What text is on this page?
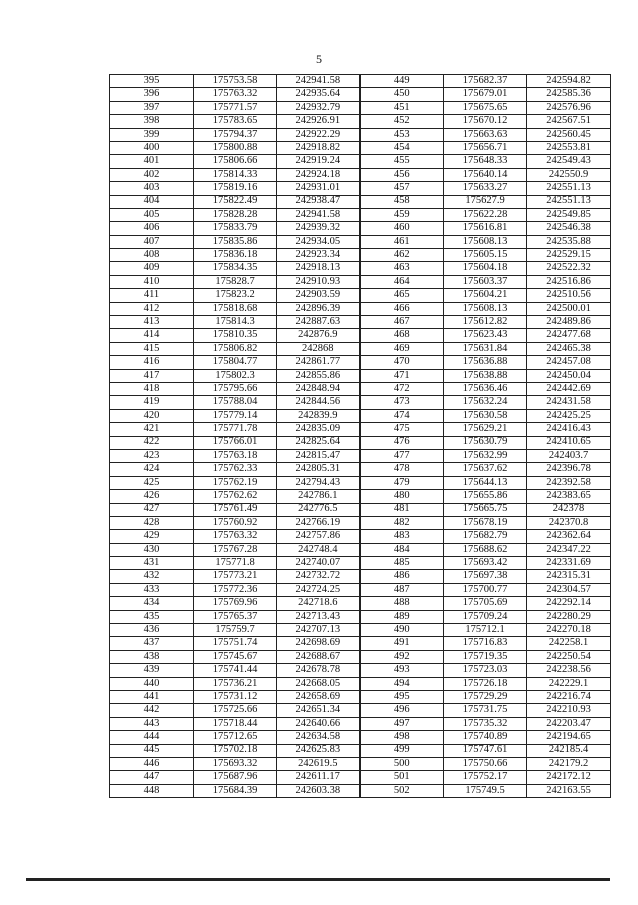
5
395	175753.58	242941.58	449	175682.37	242594.82
396	175763.32	242935.64	450	175679.01	242585.36
397	175771.57	242932.79	451	175675.65	242576.96
398	175783.65	242926.91	452	175670.12	242567.51
399	175794.37	242922.29	453	175663.63	242560.45
400	175800.88	242918.82	454	175656.71	242553.81
401	175806.66	242919.24	455	175648.33	242549.43
402	175814.33	242924.18	456	175640.14	242550.9
403	175819.16	242931.01	457	175633.27	242551.13
404	175822.49	242938.47	458	175627.9	242551.13
405	175828.28	242941.58	459	175622.28	242549.85
406	175833.79	242939.32	460	175616.81	242546.38
407	175835.86	242934.05	461	175608.13	242535.88
408	175836.18	242923.34	462	175605.15	242529.15
409	175834.35	242918.13	463	175604.18	242522.32
410	175828.7	242910.93	464	175603.37	242516.86
411	175823.2	242903.59	465	175604.21	242510.56
412	175818.68	242896.39	466	175608.13	242500.01
413	175814.3	242887.63	467	175612.82	242489.86
414	175810.35	242876.9	468	175623.43	242477.68
415	175806.82	242868	469	175631.84	242465.38
416	175804.77	242861.77	470	175636.88	242457.08
417	175802.3	242855.86	471	175638.88	242450.04
418	175795.66	242848.94	472	175636.46	242442.69
419	175788.04	242844.56	473	175632.24	242431.58
420	175779.14	242839.9	474	175630.58	242425.25
421	175771.78	242835.09	475	175629.21	242416.43
422	175766.01	242825.64	476	175630.79	242410.65
423	175763.18	242815.47	477	175632.99	242403.7
424	175762.33	242805.31	478	175637.62	242396.78
425	175762.19	242794.43	479	175644.13	242392.58
426	175762.62	242786.1	480	175655.86	242383.65
427	175761.49	242776.5	481	175665.75	242378
428	175760.92	242766.19	482	175678.19	242370.8
429	175763.32	242757.86	483	175682.79	242362.64
430	175767.28	242748.4	484	175688.62	242347.22
431	175771.8	242740.07	485	175693.42	242331.69
432	175773.21	242732.72	486	175697.38	242315.31
433	175772.36	242724.25	487	175700.77	242304.57
434	175769.96	242718.6	488	175705.69	242292.14
435	175765.37	242713.43	489	175709.24	242280.29
436	175759.7	242707.13	490	175712.1	242270.18
437	175751.74	242698.69	491	175716.83	242258.1
438	175745.67	242688.67	492	175719.35	242250.54
439	175741.44	242678.78	493	175723.03	242238.56
440	175736.21	242668.05	494	175726.18	242229.1
441	175731.12	242658.69	495	175729.29	242216.74
442	175725.66	242651.34	496	175731.75	242210.93
443	175718.44	242640.66	497	175735.32	242203.47
444	175712.65	242634.58	498	175740.89	242194.65
445	175702.18	242625.83	499	175747.61	242185.4
446	175693.32	242619.5	500	175750.66	242179.2
447	175687.96	242611.17	501	175752.17	242172.12
448	175684.39	242603.38	502	175749.5	242163.55
